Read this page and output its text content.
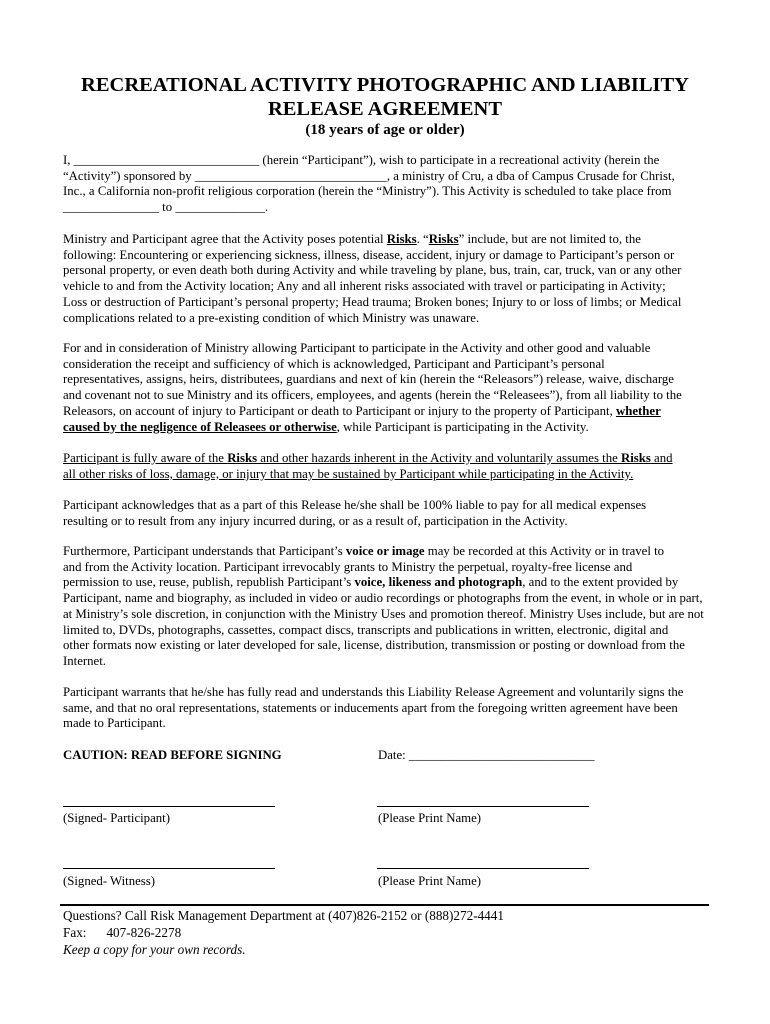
RECREATIONAL ACTIVITY PHOTOGRAPHIC AND LIABILITY
RELEASE AGREEMENT
(18 years of age or older)

I, _____________________________ (herein “Participant”), wish to participate in a recreational activity (herein the

“Activity”) sponsored by ______________________________, a ministry of Cru, a dba of Campus Crusade for Christ,

Inc., a California non-profit religious corporation (herein the “Ministry”). This Activity is scheduled to take place from

_______________ to ______________.

Ministry and Participant agree that the Activity poses potential Risks. “Risks” include, but are not limited to, the

following: Encountering or experiencing sickness, illness, disease, accident, injury or damage to Participant’s person or

personal property, or even death both during Activity and while traveling by plane, bus, train, car, truck, van or any other

vehicle to and from the Activity location; Any and all inherent risks associated with travel or participating in Activity;

Loss or destruction of Participant’s personal property; Head trauma; Broken bones; Injury to or loss of limbs; or Medical

complications related to a pre-existing condition of which Ministry was unaware.

For and in consideration of Ministry allowing Participant to participate in the Activity and other good and valuable

consideration the receipt and sufficiency of which is acknowledged, Participant and Participant’s personal

representatives, assigns, heirs, distributees, guardians and next of kin (herein the “Releasors”) release, waive, discharge

and covenant not to sue Ministry and its officers, employees, and agents (herein the “Releasees”), from all liability to the

Releasors, on account of injury to Participant or death to Participant or injury to the property of Participant, whether

caused by the negligence of Releasees or otherwise, while Participant is participating in the Activity.

Participant is fully aware of the Risks and other hazards inherent in the Activity and voluntarily assumes the Risks and

all other risks of loss, damage, or injury that may be sustained by Participant while participating in the Activity.

Participant acknowledges that as a part of this Release he/she shall be 100% liable to pay for all medical expenses

resulting or to result from any injury incurred during, or as a result of, participation in the Activity.

Furthermore, Participant understands that Participant’s voice or image may be recorded at this Activity or in travel to

and from the Activity location. Participant irrevocably grants to Ministry the perpetual, royalty-free license and

permission to use, reuse, publish, republish Participant’s voice, likeness and photograph, and to the extent provided by

Participant, name and biography, as included in video or audio recordings or photographs from the event, in whole or in part,

at Ministry’s sole discretion, in conjunction with the Ministry Uses and promotion thereof. Ministry Uses include, but are not

limited to, DVDs, photographs, cassettes, compact discs, transcripts and publications in written, electronic, digital and

other formats now existing or later developed for sale, license, distribution, transmission or posting or download from the

Internet.

Participant warrants that he/she has fully read and understands this Liability Release Agreement and voluntarily signs the

same, and that no oral representations, statements or inducements apart from the foregoing written agreement have been

made to Participant.

CAUTION: READ BEFORE SIGNING	Date: _____________________________
(Signed- Participant)	(Please Print Name)
(Signed- Witness)	(Please Print Name)
Questions? Call Risk Management Department at (407)826-2152 or (888)272-4441
Fax: 407-826-2278
Keep a copy for your own records.
